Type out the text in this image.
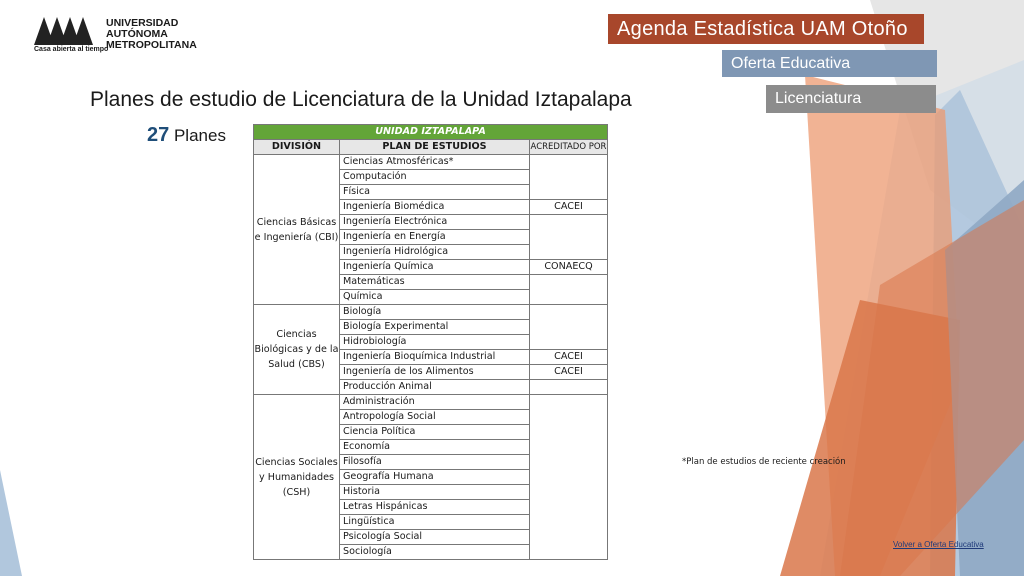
UNIVERSIDAD
AUTÓNOMA
METROPOLITANA
Casa abierta al tiempo
Agenda Estadística UAM Otoño 2017	Oferta Educativa
Licenciatura
Planes de estudio de Licenciatura de la Unidad Iztapalapa
27 Planes	UNIDAD IZTAPALAPA		
DIVISIÓN	PLAN DE ESTUDIOS	ACREDITADO POR
Ciencias Básicas e Ingeniería (CBI)	Ciencias Atmosféricas*	
	Computación	
	Física	
	Ingeniería Biomédica	CACEI
	Ingeniería Electrónica	
	Ingeniería en Energía	
	Ingeniería Hidrológica	
	Ingeniería Química	CONAECQ
	Matemáticas	
	Química	
Ciencias Biológicas y de la Salud (CBS)	Biología	
	Biología Experimental	
	Hidrobiología	
	Ingeniería Bioquímica Industrial	CACEI
	Ingeniería de los Alimentos	CACEI
	Producción Animal	
Ciencias Sociales y Humanidades (CSH)	Administración	
	Antropología Social	
	Ciencia Política	
	Economía	
	Filosofía	
	Geografía Humana	
	Historia	
	Letras Hispánicas	
	Lingüística	
	Psicología Social	
	Sociología	
*Plan de estudios de reciente creación
Volver a Oferta Educativa
